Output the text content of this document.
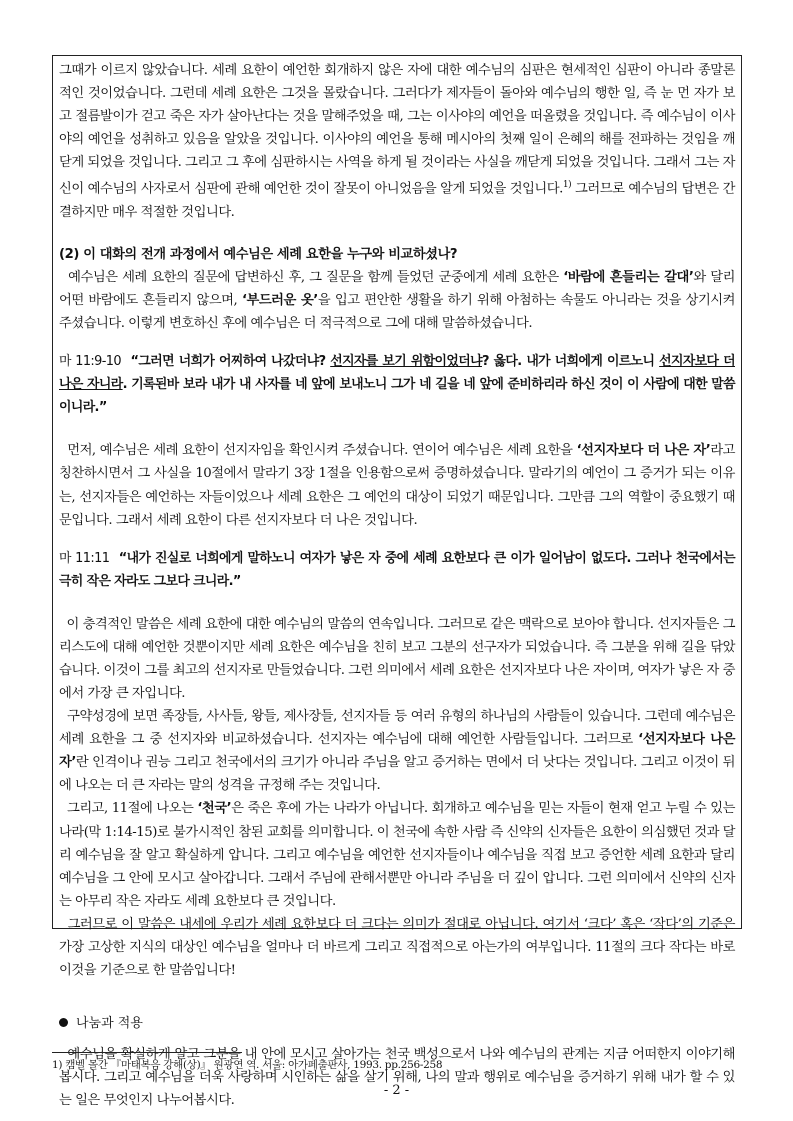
그때가 이르지 않았습니다. 세례 요한이 예언한 회개하지 않은 자에 대한 예수님의 심판은 현세적인 심판이 아니라 종말론적인 것이었습니다. 그런데 세례 요한은 그것을 몰랐습니다. 그러다가 제자들이 돌아와 예수님의 행한 일, 즉 눈 먼 자가 보고 절름발이가 걷고 죽은 자가 살아난다는 것을 말해주었을 때, 그는 이사야의 예언을 떠올렸을 것입니다. 즉 예수님이 이사야의 예언을 성취하고 있음을 알았을 것입니다. 이사야의 예언을 통해 메시아의 첫째 일이 은혜의 해를 전파하는 것임을 깨닫게 되었을 것입니다. 그리고 그 후에 심판하시는 사역을 하게 될 것이라는 사실을 깨닫게 되었을 것입니다. 그래서 그는 자신이 예수님의 사자로서 심판에 관해 예언한 것이 잘못이 아니었음을 알게 되었을 것입니다.$^{1)}$ 그러므로 예수님의 답변은 간결하지만 매우 적절한 것입니다.

(2) 이 대화의 전개 과정에서 예수님은 세례 요한을 누구와 비교하셨나?

예수님은 세례 요한의 질문에 답변하신 후, 그 질문을 함께 들었던 군중에게 세례 요한은 ‘바람에 흔들리는 갈대’와 달리 어떤 바람에도 흔들리지 않으며, ‘부드러운 옷’을 입고 편안한 생활을 하기 위해 아첨하는 속물도 아니라는 것을 상기시켜 주셨습니다. 이렇게 변호하신 후에 예수님은 더 적극적으로 그에 대해 말씀하셨습니다.

마 11:9-10 “그러면 너희가 어찌하여 나갔더냐? 선지자를 보기 위함이었더냐? 옳다. 내가 너희에게 이르노니 선지자보다 더 나은 자니라. 기록된바 보라 내가 내 사자를 네 앞에 보내노니 그가 네 길을 네 앞에 준비하리라 하신 것이 이 사람에 대한 말씀이니라.”

먼저, 예수님은 세례 요한이 선지자임을 확인시켜 주셨습니다. 연이어 예수님은 세례 요한을 ‘선지자보다 더 나은 자’라고 칭찬하시면서 그 사실을 10절에서 말라기 3장 1절을 인용함으로써 증명하셨습니다. 말라기의 예언이 그 증거가 되는 이유는, 선지자들은 예언하는 자들이었으나 세례 요한은 그 예언의 대상이 되었기 때문입니다. 그만큼 그의 역할이 중요했기 때문입니다. 그래서 세례 요한이 다른 선지자보다 더 나은 것입니다.

마 11:11 “내가 진실로 너희에게 말하노니 여자가 낳은 자 중에 세례 요한보다 큰 이가 일어남이 없도다. 그러나 천국에서는 극히 작은 자라도 그보다 크니라.”

이 충격적인 말씀은 세례 요한에 대한 예수님의 말씀의 연속입니다. 그러므로 같은 맥락으로 보아야 합니다. 선지자들은 그리스도에 대해 예언한 것뿐이지만 세례 요한은 예수님을 친히 보고 그분의 선구자가 되었습니다. 즉 그분을 위해 길을 닦았습니다. 이것이 그를 최고의 선지자로 만들었습니다. 그런 의미에서 세례 요한은 선지자보다 나은 자이며, 여자가 낳은 자 중에서 가장 큰 자입니다.

구약성경에 보면 족장들, 사사들, 왕들, 제사장들, 선지자들 등 여러 유형의 하나님의 사람들이 있습니다. 그런데 예수님은 세례 요한을 그 중 선지자와 비교하셨습니다. 선지자는 예수님에 대해 예언한 사람들입니다. 그러므로 ‘선지자보다 나은 자’란 인격이나 권능 그리고 천국에서의 크기가 아니라 주님을 알고 증거하는 면에서 더 낫다는 것입니다. 그리고 이것이 뒤에 나오는 더 큰 자라는 말의 성격을 규정해 주는 것입니다.

그리고, 11절에 나오는 ‘천국’은 죽은 후에 가는 나라가 아닙니다. 회개하고 예수님을 믿는 자들이 현재 얻고 누릴 수 있는 나라(막 1:14-15)로 불가시적인 참된 교회를 의미합니다. 이 천국에 속한 사람 즉 신약의 신자들은 요한이 의심했던 것과 달리 예수님을 잘 알고 확실하게 압니다. 그리고 예수님을 예언한 선지자들이나 예수님을 직접 보고 증언한 세례 요한과 달리 예수님을 그 안에 모시고 살아갑니다. 그래서 주님에 관해서뿐만 아니라 주님을 더 깊이 압니다. 그런 의미에서 신약의 신자는 아무리 작은 자라도 세례 요한보다 큰 것입니다.

그러므로 이 말씀은 내세에 우리가 세례 요한보다 더 크다는 의미가 절대로 아닙니다. 여기서 ‘크다’ 혹은 ‘작다’의 기준은 가장 고상한 지식의 대상인 예수님을 얼마나 더 바르게 그리고 직접적으로 아는가의 여부입니다. 11절의 크다 작다는 바로 이것을 기준으로 한 말씀입니다!

나눔과 적용

예수님을 확실하게 알고 그분을 내 안에 모시고 살아가는 천국 백성으로서 나와 예수님의 관계는 지금 어떠한지 이야기해봅시다. 그리고 예수님을 더욱 사랑하며 시인하는 삶을 살기 위해, 나의 말과 행위로 예수님을 증거하기 위해 내가 할 수 있는 일은 무엇인지 나누어봅시다.

1) 캠벨 몰간 『마태복음 강해(상)』 원광연 역. 서울: 아가페출판사, 1993. pp.256-258
- 2 -
